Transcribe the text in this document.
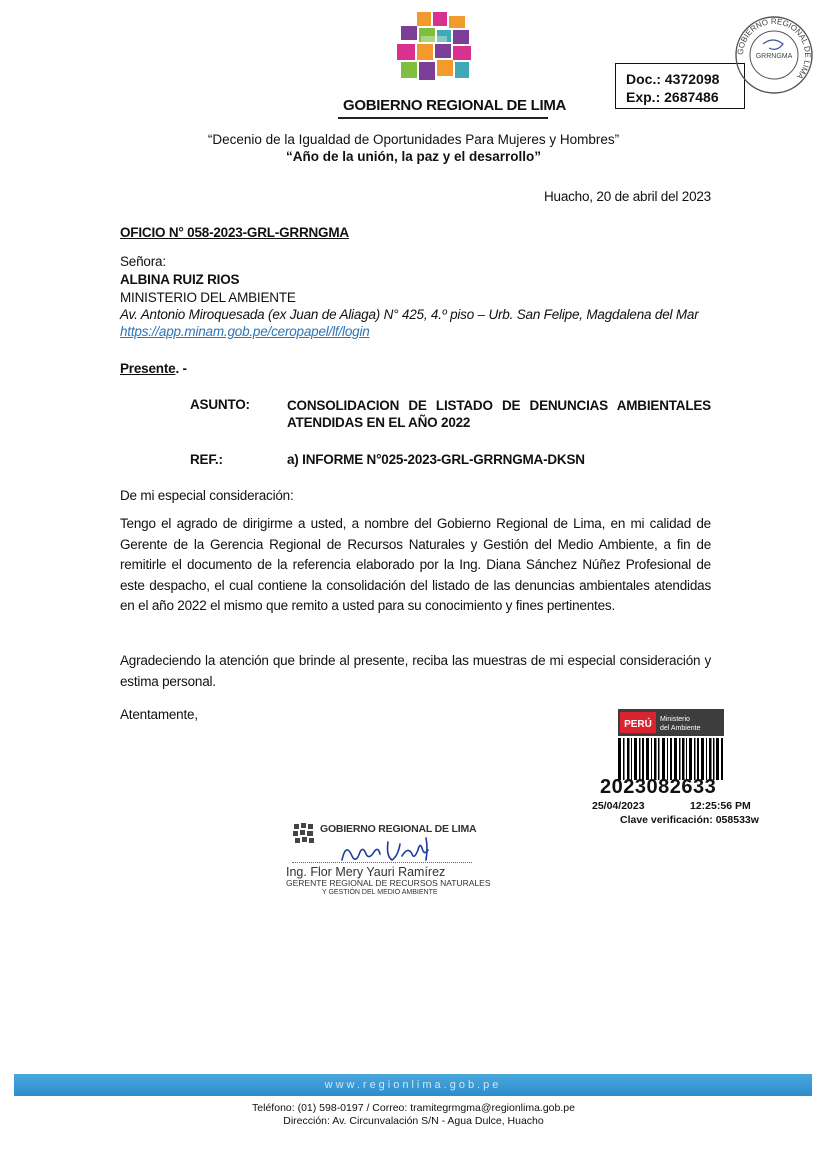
GOBIERNO REGIONAL DE LIMA
Doc.: 4372098
Exp.: 2687486
GOBIERNO REGIONAL DE LIMA
GRRNGMA
“Decenio de la Igualdad de Oportunidades Para Mujeres y Hombres”
“Año de la unión, la paz y el desarrollo”
Huacho, 20 de abril del 2023
OFICIO N° 058-2023-GRL-GRRNGMA
Señora:
ALBINA RUIZ RIOS
MINISTERIO DEL AMBIENTE
Av. Antonio Miroquesada (ex Juan de Aliaga) N° 425, 4.º piso – Urb. San Felipe, Magdalena del Mar
https://app.minam.gob.pe/ceropapel/lf/login
Presente. -
ASUNTO:	CONSOLIDACION DE LISTADO DE DENUNCIAS AMBIENTALES ATENDIDAS EN EL AÑO 2022
REF.:	a) INFORME N°025-2023-GRL-GRRNGMA-DKSN
De mi especial consideración:
Tengo el agrado de dirigirme a usted, a nombre del Gobierno Regional de Lima, en mi calidad de Gerente de la Gerencia Regional de Recursos Naturales y Gestión del Medio Ambiente, a fin de remitirle el documento de la referencia elaborado por la Ing. Diana Sánchez Núñez Profesional de este despacho, el cual contiene la consolidación del listado de las denuncias ambientales atendidas en el año 2022 el mismo que remito a usted para su conocimiento y fines pertinentes.
Agradeciendo la atención que brinde al presente, reciba las muestras de mi especial consideración y estima personal.
Atentamente,
PERÚ Ministerio
del Ambiente
2023082633
25/04/2023	12:25:56 PM
Clave verificación: 058533w
GOBIERNO REGIONAL DE LIMA
Ing. Flor Mery Yauri Ramírez
GERENTE REGIONAL DE RECURSOS NATURALES
Y GESTIÓN DEL MEDIO AMBIENTE
www.regionlima.gob.pe
Teléfono: (01) 598-0197 / Correo: tramitegrmgma@regionlima.gob.pe
Dirección: Av. Circunvalación S/N - Agua Dulce, Huacho
